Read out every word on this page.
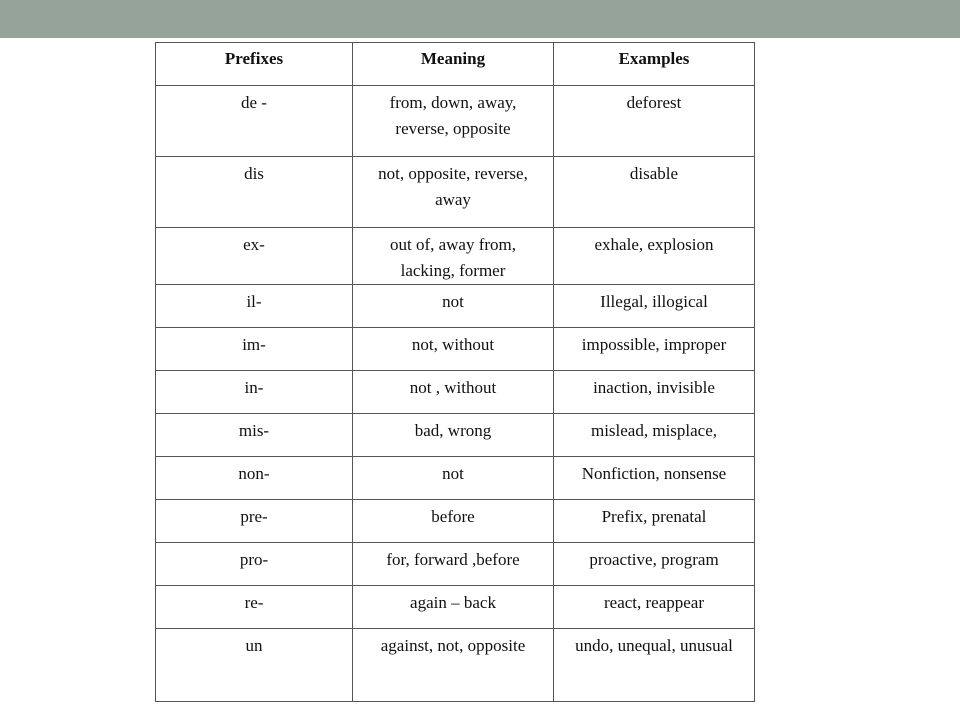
Prefixes	Meaning	Examples
de -	from, down, away, reverse, opposite	deforest
dis	not, opposite, reverse, away	disable
ex-	out of, away from, lacking, former	exhale, explosion
il-	not	Illegal, illogical
im-	not, without	impossible, improper
in-	not , without	inaction, invisible
mis-	bad, wrong	mislead, misplace,
non-	not	Nonfiction, nonsense
pre-	before	Prefix, prenatal
pro-	for, forward ,before	proactive, program
re-	again – back	react, reappear
un	against, not, opposite	undo, unequal, unusual
